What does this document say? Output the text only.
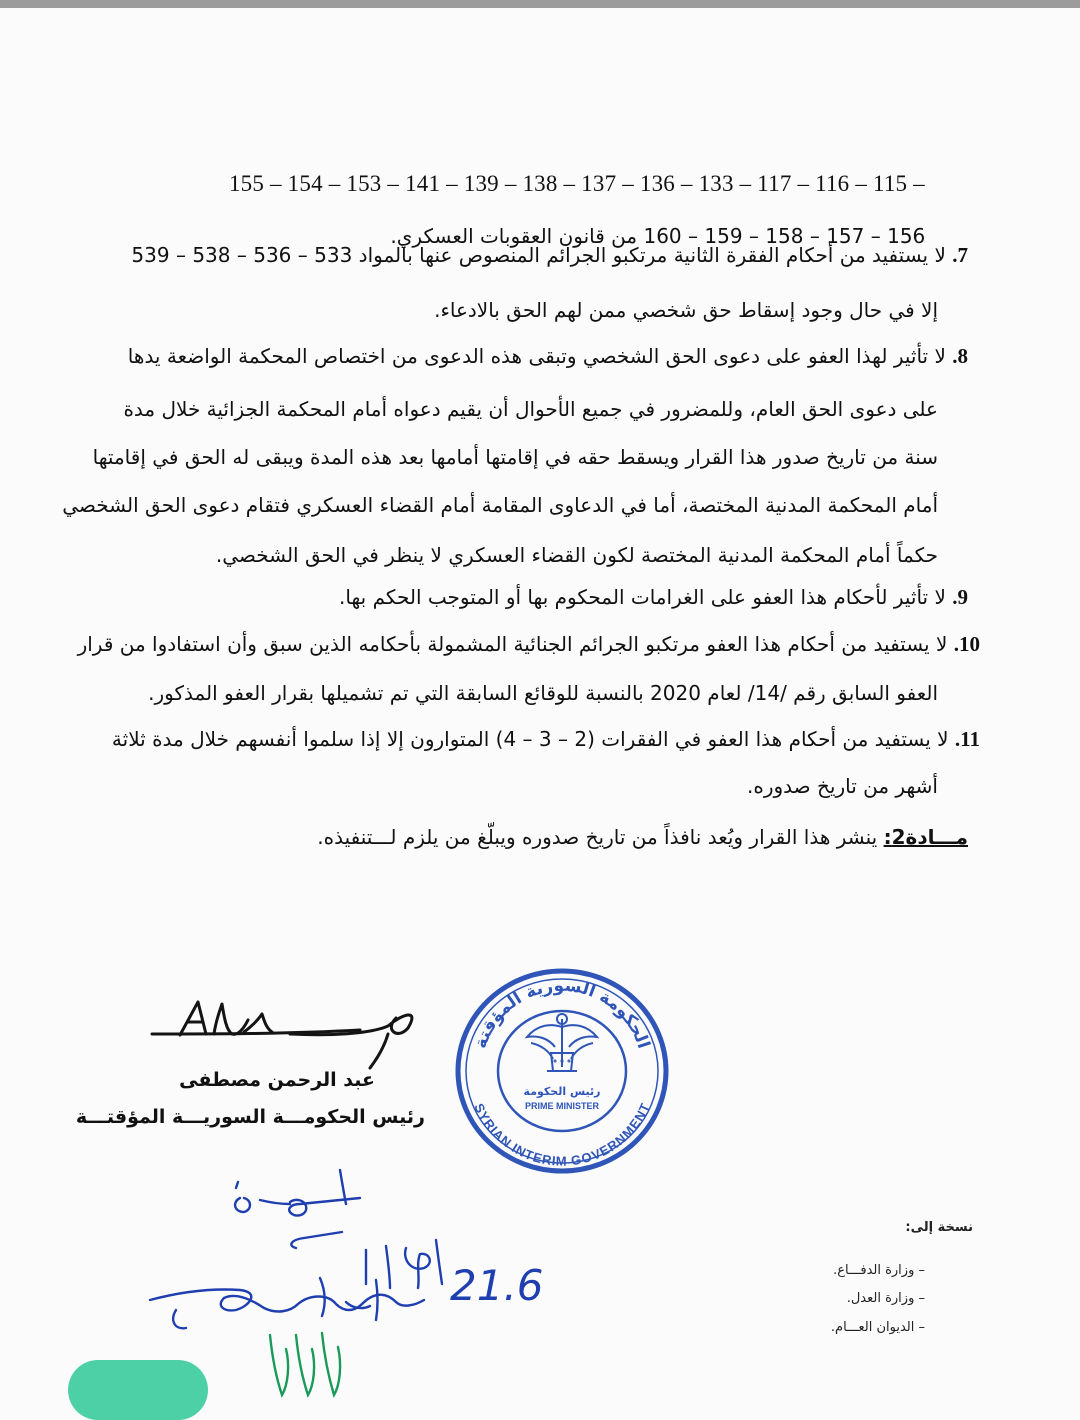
155 – 154 – 153 – 141 – 139 – 138 – 137 – 136 – 133 – 117 – 116 – 115 –

156 – 157 – 158 – 159 – 160 من قانون العقوبات العسكري.

7. لا يستفيد من أحكام الفقرة الثانية مرتكبو الجرائم المنصوص عنها بالمواد 533 – 536 – 538 – 539
إلا في حال وجود إسقاط حق شخصي ممن لهم الحق بالادعاء.
8. لا تأثير لهذا العفو على دعوى الحق الشخصي وتبقى هذه الدعوى من اختصاص المحكمة الواضعة يدها
على دعوى الحق العام، وللمضرور في جميع الأحوال أن يقيم دعواه أمام المحكمة الجزائية خلال مدة
سنة من تاريخ صدور هذا القرار ويسقط حقه في إقامتها أمامها بعد هذه المدة ويبقى له الحق في إقامتها
أمام المحكمة المدنية المختصة، أما في الدعاوى المقامة أمام القضاء العسكري فتقام دعوى الحق الشخصي
حكماً أمام المحكمة المدنية المختصة لكون القضاء العسكري لا ينظر في الحق الشخصي.
9. لا تأثير لأحكام هذا العفو على الغرامات المحكوم بها أو المتوجب الحكم بها.
10. لا يستفيد من أحكام هذا العفو مرتكبو الجرائم الجنائية المشمولة بأحكامه الذين سبق وأن استفادوا من قرار
العفو السابق رقم /14/ لعام 2020 بالنسبة للوقائع السابقة التي تم تشميلها بقرار العفو المذكور.
11. لا يستفيد من أحكام هذا العفو في الفقرات (2 – 3 – 4) المتوارون إلا إذا سلموا أنفسهم خلال مدة ثلاثة
أشهر من تاريخ صدوره.
مـــادة2: ينشر هذا القرار ويُعد نافذاً من تاريخ صدوره ويبلّغ من يلزم لـــتنفيذه.
عبد الرحمن مصطفى
رئيس الحكومـــة السوريـــة المؤقتـــة
الحكومة السورية المؤقتة
SYRIAN INTERIM GOVERNMENT
رئيس الحكومة
PRIME MINISTER
21.6
نسخة إلى:
– وزارة الدفـــاع.
– وزارة العدل.
– الديوان العـــام.
